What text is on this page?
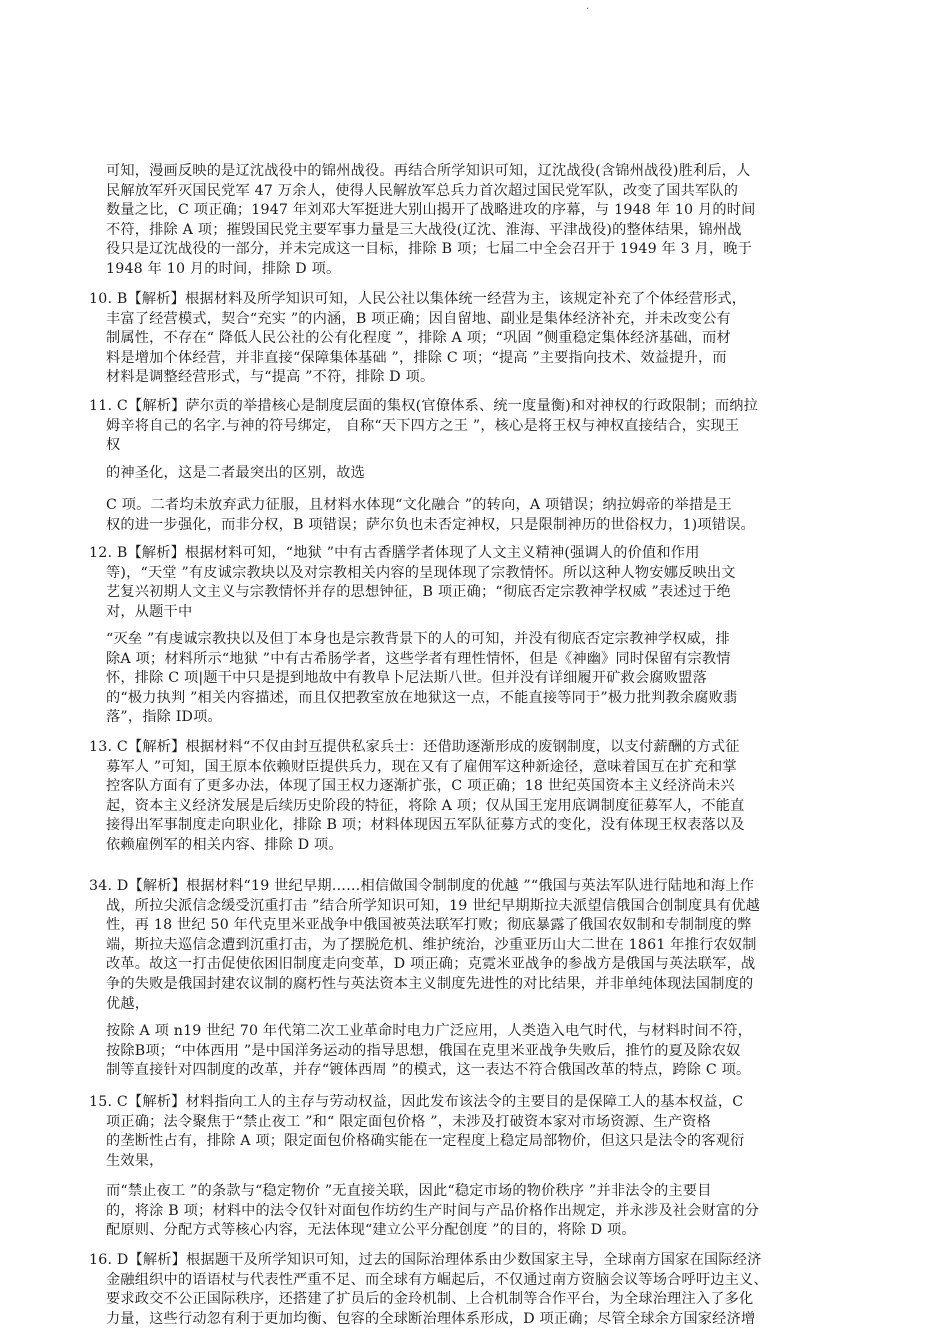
·
可知，漫画反映的是辽沈战役中的锦州战役。再结合所学知识可知，辽沈战役(含锦州战役)胜利后，人
民解放军歼灭国民党军 47 万余人，使得人民解放军总兵力首次超过国民党军队，改变了国共军队的
数量之比，C 项正确；1947 年刘邓大军挺进大别山揭开了战略进攻的序幕，与 1948 年 10 月的时间
不符，排除 A 项；摧毁国民党主要军事力量是三大战役(辽沈、淮海、平津战役)的整体结果，锦州战
役只是辽沈战役的一部分，并未完成这一目标，排除 B 项；七届二中全会召开于 1949 年 3 月，晚于
1948 年 10 月的时间，排除 D 项。
10. B【解析】根据材料及所学知识可知，人民公社以集体统一经营为主，该规定补充了个体经营形式，
丰富了经营模式，契合“充实 ”的内涵，B 项正确；因自留地、副业是集体经济补充，并未改变公有
制属性，不存在“ 降低人民公社的公有化程度 ”，排除 A 项；“巩固 ”侧重稳定集体经济基础，而材
料是增加个体经营，并非直接“保障集体基础 ”，排除 C 项；“提高 ”主要指向技术、效益提升，而
材料是调整经营形式，与“提高 ”不符，排除 D 项。
11. C【解析】萨尔贡的举措核心是制度层面的集权(官僚体系、统一度量衡)和对神权的行政限制；而纳拉
姆辛将自己的名字.与神的符号绑定， 自称“天下四方之王 ”，核心是将王权与神权直接结合，实现王
权
的神圣化，这是二者最突出的区别，故选
C 项。二者均未放弃武力征服，且材料水体现“文化融合 ”的转向，A 项错误；纳拉姆帝的举措是王
权的进一步强化，而非分权，B 项错误；萨尔负也未否定神权，只是限制神历的世俗权力，1)项错误。
12. B【解析】根据材料可知，“地狱 ”中有古香膳学者体现了人文主义精神(强调人的价值和作用
等)，“天堂 ”有皮诚宗教块以及对宗教相关内容的呈现体现了宗教情怀。所以这种人物安娜反映出文
艺复兴初期人文主义与宗教情怀并存的思想钟征，B 项正确；“彻底否定宗教神学权威 ”表述过于绝
对，从题干中
“灭垒 ”有虔诚宗教抉以及但丁本身也是宗教背景下的人的可知，并没有彻底否定宗教神学权威，排
除A 项；材料所示“地狱 ”中有古希肠学者，这些学者有理性情怀，但是《神幽》同时保留有宗教情
怀，排除 C 项|题干中只是提到地故中有教阜卜尼法斯八世。但并没有详细履开矿救会腐败盟落
的“极力执判 ”相关内容描述，而且仅把教室放在地狱这一点，不能直接等同于”极力批判教余腐败翡
落”，指除 ID项。
13. C【解析】根据材料“不仅由封互提供私家兵士：还借助逐渐形成的废钢制度，以支付薪酬的方式征
募军人 ”可知，国王原本依赖财臣提供兵力，现在又有了雇佣军这种新途径，意味着国互在扩充和掌
控客队方面有了更多办法，体现了国王权力逐渐扩张，C 项正确；18 世纪英国资本主义经济尚未兴
起，资本主义经济发展是后续历史阶段的特征，将除 A 项；仅从国王宠用底调制度征募军人，不能直
接得出军事制度走向职业化，排除 B 项；材料体现因五军队征募方式的变化，没有体现王权表落以及
依赖雇例军的相关内容、排除 D 项。
34. D【解析】根据材料“19 世纪早期……相信做国令制制度的优越 ”“俄国与英法军队进行陆地和海上作
战，所拉尖派信念缓受沉重打击 ”结合所学知识可知，19 世纪早期斯拉夫派望信俄国合创制度具有优越
性，再 18 世纪 50 年代克里米亚战争中俄国被英法联军打败；彻底暴露了俄国农奴制和专制制度的弊
端，斯拉夫巡信念遭到沉重打击，为了摆脱危机、维护统治，沙重亚历山大二世在 1861 年推行农奴制
改革。故这一打击促使依困旧制度走向变革，D 项正确；克霓米亚战争的参战方是俄国与英法联军，战
争的失败是俄国封建农议制的腐朽性与英法资本主义制度先进性的对比结果，并非单纯体现法国制度的
优越，
按除 A 项 n19 世纪 70 年代第二次工业革命时电力广泛应用，人类造入电气时代，与材料时间不符，
按除B项；“中体西用 ”是中国洋务运动的指导思想，俄国在克里米亚战争失败后，推竹的夏及除农奴
制等直接针对四制度的改革，并存“镀体西周 ”的模式，这一表达不符合俄国改革的特点，跨除 C 项。
15. C【解析】材料指向工人的主存与劳动权益，因此发布该法令的主要目的是保障工人的基本权益，C
项正确；法令聚焦于“禁止夜工 ”和“ 限定面包价格 ”，未涉及打破资本家对市场资源、生产资格
的垄断性占有，排除 A 项；限定面包价格确实能在一定程度上稳定局部物价，但这只是法令的客观衍
生效果，
而“禁止夜工 ”的条款与“稳定物价 ”无直接关联，因此“稳定市场的物价秩序 ”并非法令的主要目
的，将涂 B 项；材料中的法令仅针对面包作坊约生产时间与产品价格作出规定，并永涉及社会财富的分
配原则、分配方式等核心内容，无法体现“建立公平分配创度 ”的目的，将除 D 项。
16. D【解析】根据题干及所学知识可知，过去的国际治理体系由少数国家主导，全球南方国家在国际经济
金融组织中的语语杖与代表性严重不足、而全球有方崛起后，不仅通过南方资脑会议等场合呼吁边主义、
要求政交不公正国际秩序，还搭建了扩员后的金玲机制、上合机制等合作平台，为全球治理注入了多化
力量，这些行动忽有利于更加均衡、包容的全球断治理体系形成，D 项正确；尽管全球余方国家经济增
